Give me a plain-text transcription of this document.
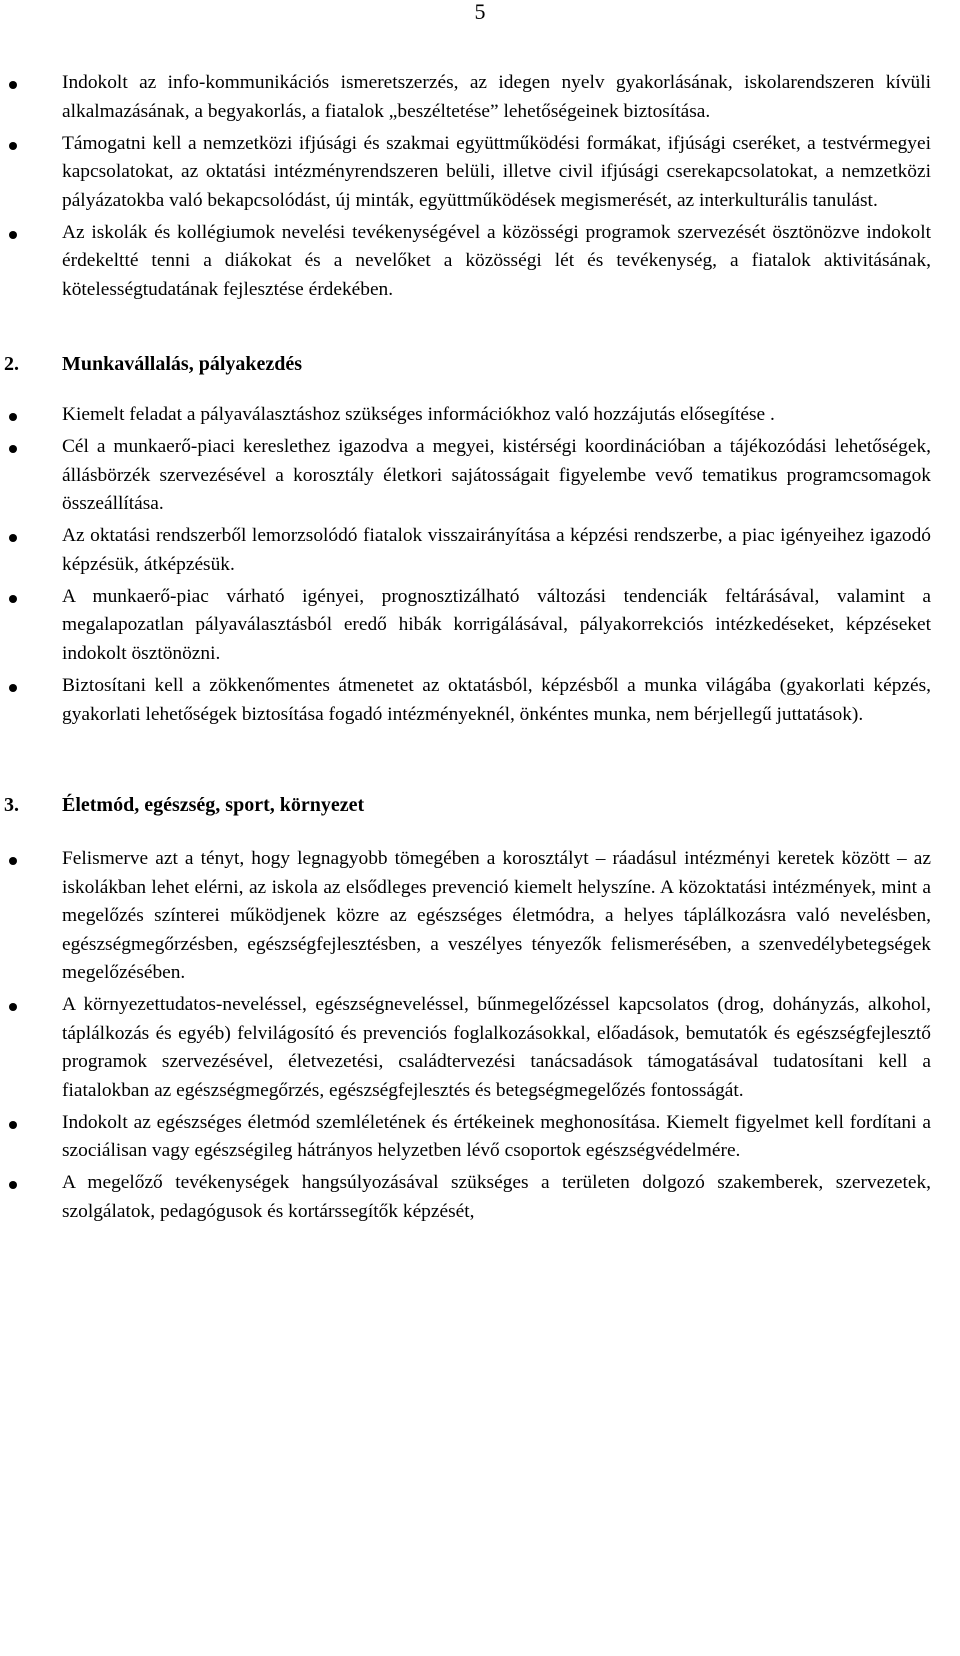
5
Indokolt az info-kommunikációs ismeretszerzés, az idegen nyelv gyakorlásának, iskolarendszeren kívüli alkalmazásának, a begyakorlás, a fiatalok „beszéltetése” lehetőségeinek biztosítása.
Támogatni kell a nemzetközi ifjúsági és szakmai együttműködési formákat, ifjúsági cseréket, a testvérmegyei kapcsolatokat, az oktatási intézményrendszeren belüli, illetve civil ifjúsági cserekapcsolatokat, a nemzetközi pályázatokba való bekapcsolódást, új minták, együttműködések megismerését, az interkulturális tanulást.
Az iskolák és kollégiumok nevelési tevékenységével a közösségi programok szervezését ösztönözve indokolt érdekeltté tenni a diákokat és a nevelőket a közösségi lét és tevékenység, a fiatalok aktivitásának, kötelességtudatának fejlesztése érdekében.
2. Munkavállalás, pályakezdés
Kiemelt feladat a pályaválasztáshoz szükséges információkhoz való hozzájutás elősegítése .
Cél a munkaerő-piaci kereslethez igazodva a megyei, kistérségi koordinációban a tájékozódási lehetőségek, állásbörzék szervezésével a korosztály életkori sajátosságait figyelembe vevő tematikus programcsomagok összeállítása.
Az oktatási rendszerből lemorzsolódó fiatalok visszairányítása a képzési rendszerbe, a piac igényeihez igazodó képzésük, átképzésük.
A munkaerő-piac várható igényei, prognosztizálható változási tendenciák feltárásával, valamint a megalapozatlan pályaválasztásból eredő hibák korrigálásával, pályakorrekciós intézkedéseket, képzéseket indokolt ösztönözni.
Biztosítani kell a zökkenőmentes átmenetet az oktatásból, képzésből a munka világába (gyakorlati képzés, gyakorlati lehetőségek biztosítása fogadó intézményeknél, önkéntes munka, nem bérjellegű juttatások).
3. Életmód, egészség, sport, környezet
Felismerve azt a tényt, hogy legnagyobb tömegében a korosztályt – ráadásul intézményi keretek között – az iskolákban lehet elérni, az iskola az elsődleges prevenció kiemelt helyszíne. A közoktatási intézmények, mint a megelőzés színterei működjenek közre az egészséges életmódra, a helyes táplálkozásra való nevelésben, egészségmegőrzésben, egészségfejlesztésben, a veszélyes tényezők felismerésében, a szenvedélybetegségek megelőzésében.
A környezettudatos-neveléssel, egészségneveléssel, bűnmegelőzéssel kapcsolatos (drog, dohányzás, alkohol, táplálkozás és egyéb) felvilágosító és prevenciós foglalkozásokkal, előadások, bemutatók és egészségfejlesztő programok szervezésével, életvezetési, családtervezési tanácsadások támogatásával tudatosítani kell a fiatalokban az egészségmegőrzés, egészségfejlesztés és betegségmegelőzés fontosságát.
Indokolt az egészséges életmód szemléletének és értékeinek meghonosítása. Kiemelt figyelmet kell fordítani a szociálisan vagy egészségileg hátrányos helyzetben lévő csoportok egészségvédelmére.
A megelőző tevékenységek hangsúlyozásával szükséges a területen dolgozó szakemberek, szervezetek, szolgálatok, pedagógusok és kortárssegítők képzését,
